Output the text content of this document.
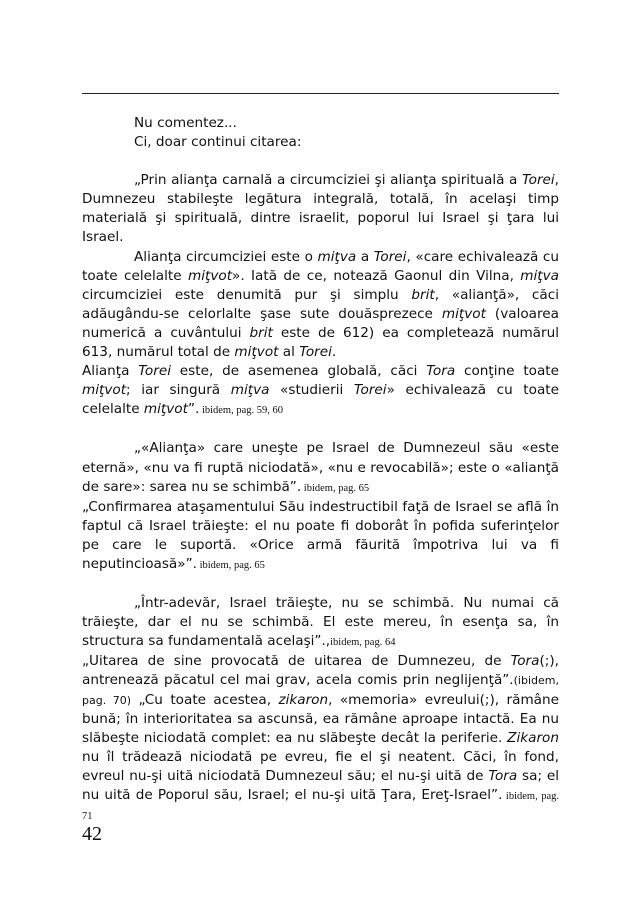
Nu comentez...

Ci, doar continui citarea:

„Prin alianţa carnală a circumciziei şi alianţa spirituală a Torei, Dumnezeu stabileşte legătura integrală, totală, în acelaşi timp materială şi spirituală, dintre israelit, poporul lui Israel şi ţara lui Israel.

Alianţa circumciziei este o miţva a Torei, «care echivalează cu toate celelalte miţvot». Iată de ce, notează Gaonul din Vilna, miţva circumciziei este denumită pur şi simplu brit, «alianţă», căci adăugându-se celorlalte şase sute douăsprezece miţvot (valoarea numerică a cuvântului brit este de 612) ea completează numărul 613, numărul total de miţvot al Torei.

Alianţa Torei este, de asemenea globală, căci Tora conţine toate miţvot; iar singură miţva «studierii Torei» echivalează cu toate celelalte miţvot”. ibidem, pag. 59, 60

„«Alianţa» care uneşte pe Israel de Dumnezeul său «este eternă», «nu va fi ruptă niciodată», «nu e revocabilă»; este o «alianţă de sare»: sarea nu se schimbă”. ibidem, pag. 65

„Confirmarea ataşamentului Său indestructibil faţă de Israel se află în faptul că Israel trăieşte: el nu poate fi doborât în pofida suferinţelor pe care le suportă. «Orice armă făurită împotriva lui va fi neputincioasă»”. ibidem, pag. 65

„Într-adevăr, Israel trăieşte, nu se schimbă. Nu numai că trăieşte, dar el nu se schimbă. El este mereu, în esenţa sa, în structura sa fundamentală acelaşi”.,ibidem, pag. 64

„Uitarea de sine provocată de uitarea de Dumnezeu, de Tora(;), antrenează păcatul cel mai grav, acela comis prin neglijenţă”.(ibidem, pag. 70) „Cu toate acestea, zikaron, «memoria» evreului(;), rămâne bună; în interioritatea sa ascunsă, ea rămâne aproape intactă. Ea nu slăbeşte niciodată complet: ea nu slăbeşte decât la periferie. Zikaron nu îl trădează niciodată pe evreu, fie el şi neatent. Căci, în fond, evreul nu-şi uită niciodată Dumnezeul său; el nu-şi uită de Tora sa; el nu uită de Poporul său, Israel; el nu-şi uită Ţara, Ereţ-Israel”. ibidem, pag. 71

42
